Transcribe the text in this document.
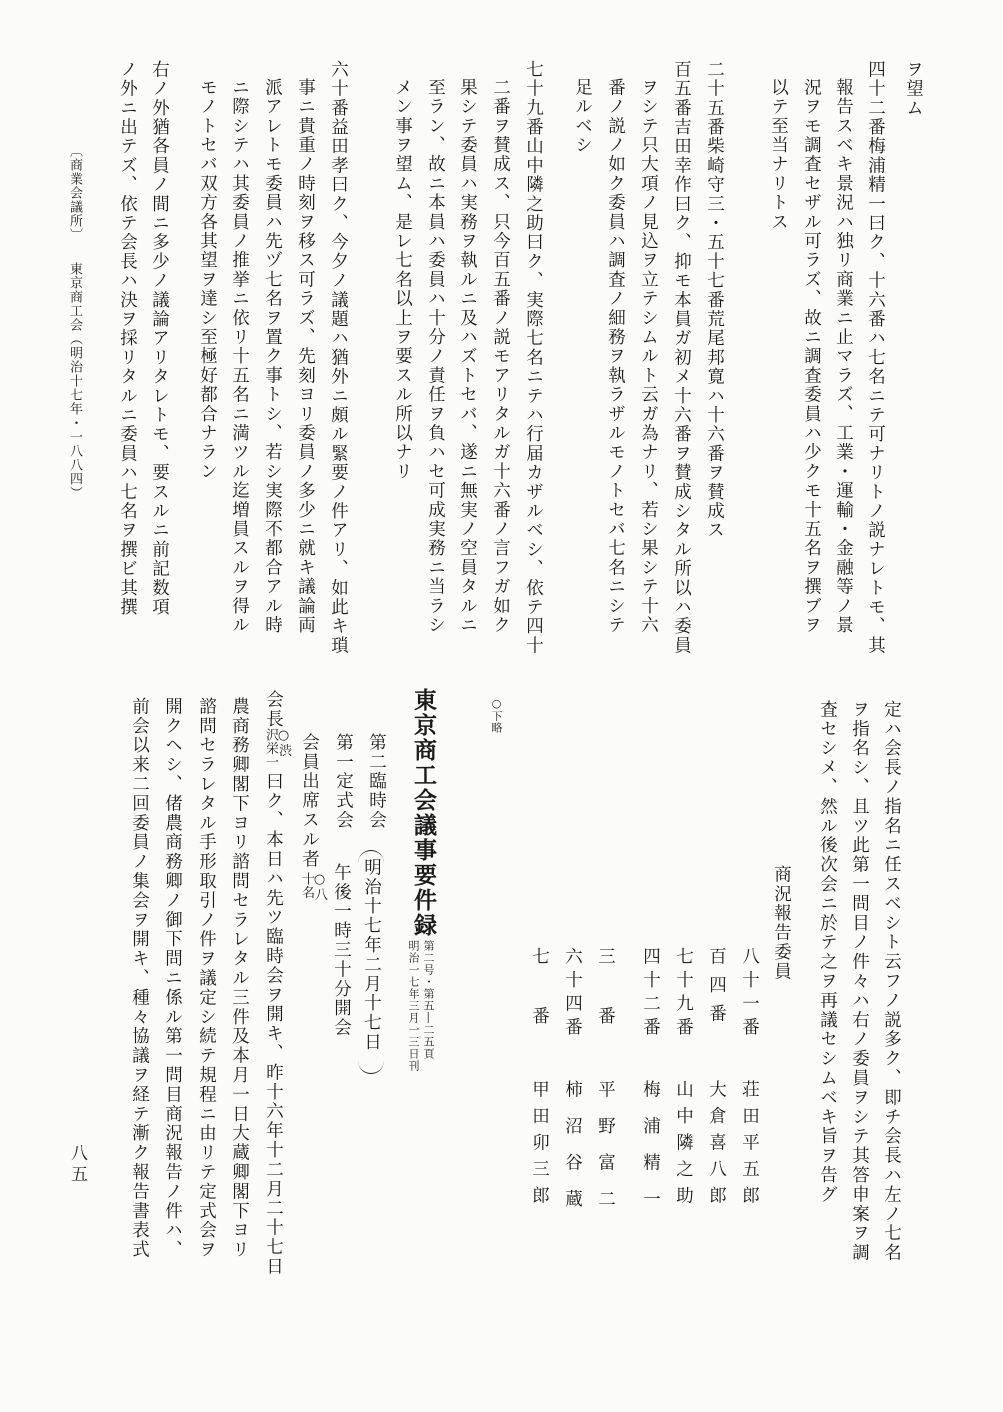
ヲ望ム
四十二番梅浦精一曰ク、十六番ハ七名ニテ可ナリトノ説ナレトモ、其
報告スベキ景況ハ独リ商業ニ止マラズ、工業・運輸・金融等ノ景
況ヲモ調査セザル可ラズ、故ニ調査委員ハ少クモ十五名ヲ撰ブヲ
以テ至当ナリトス
二十五番柴崎守三・五十七番荒尾邦寛ハ十六番ヲ賛成ス
百五番吉田幸作曰ク、抑モ本員ガ初メ十六番ヲ賛成シタル所以ハ委員
ヲシテ只大項ノ見込ヲ立テシムルト云ガ為ナリ、若シ果シテ十六
番ノ説ノ如ク委員ハ調査ノ細務ヲ執ラザルモノトセバ七名ニシテ
足ルベシ
七十九番山中隣之助曰ク、実際七名ニテハ行届カザルベシ、依テ四十
二番ヲ賛成ス、只今百五番ノ説モアリタルガ十六番ノ言フガ如ク
果シテ委員ハ実務ヲ執ルニ及ハズトセバ、遂ニ無実ノ空員タルニ
至ラン、故ニ本員ハ委員ハ十分ノ責任ヲ負ハセ可成実務ニ当ラシ
メン事ヲ望ム、是レ七名以上ヲ要スル所以ナリ
六十番益田孝曰ク、今夕ノ議題ハ猶外ニ頗ル緊要ノ件アリ、如此キ瑣
事ニ貴重ノ時刻ヲ移ス可ラズ、先刻ヨリ委員ノ多少ニ就キ議論両
派アレトモ委員ハ先ヅ七名ヲ置ク事トシ、若シ実際不都合アル時
ニ際シテハ其委員ノ推挙ニ依リ十五名ニ満ツル迄増員スルヲ得ル
モノトセバ双方各其望ヲ達シ至極好都合ナラン
右ノ外猶各員ノ間ニ多少ノ議論アリタレトモ、要スルニ前記数項
ノ外ニ出テズ、依テ会長ハ決ヲ採リタルニ委員ハ七名ヲ撰ビ其撰
〔商業会議所〕
東京商工会（明治十七年・一八八四）
定ハ会長ノ指名ニ任スベシト云フノ説多ク、即チ会長ハ左ノ七名
ヲ指名シ、且ツ此第一問目ノ件々ハ右ノ委員ヲシテ其答申案ヲ調
査セシメ、然ル後次会ニ於テ之ヲ再議セシムベキ旨ヲ告グ
商況報告委員
八十一番
荘田平五郎
百四番
大倉喜八郎
七十九番
山中隣之助
四十二番
梅浦精一
三番
平野富二
六十四番
柿沼谷蔵
七番
甲田卯三郎
○下略
東京商工会議事要件録
第二号・第五―二五頁
明治一七年三月一三日刊
第二臨時会
明治十七年二月十七日
第一定式会
午後一時三十分開会
会員出席スル者
○八十名
会長
○渋沢栄一
曰ク、本日ハ先ツ臨時会ヲ開キ、昨十六年十二月二十七日
農商務卿閣下ヨリ諮問セラレタル三件及本月一日大蔵卿閣下ヨリ
諮問セラレタル手形取引ノ件ヲ議定シ続テ規程ニ由リテ定式会ヲ
開クヘシ、偖農商務卿ノ御下問ニ係ル第一問目商況報告ノ件ハ、
前会以来二回委員ノ集会ヲ開キ、種々協議ヲ経テ漸ク報告書表式
八五
